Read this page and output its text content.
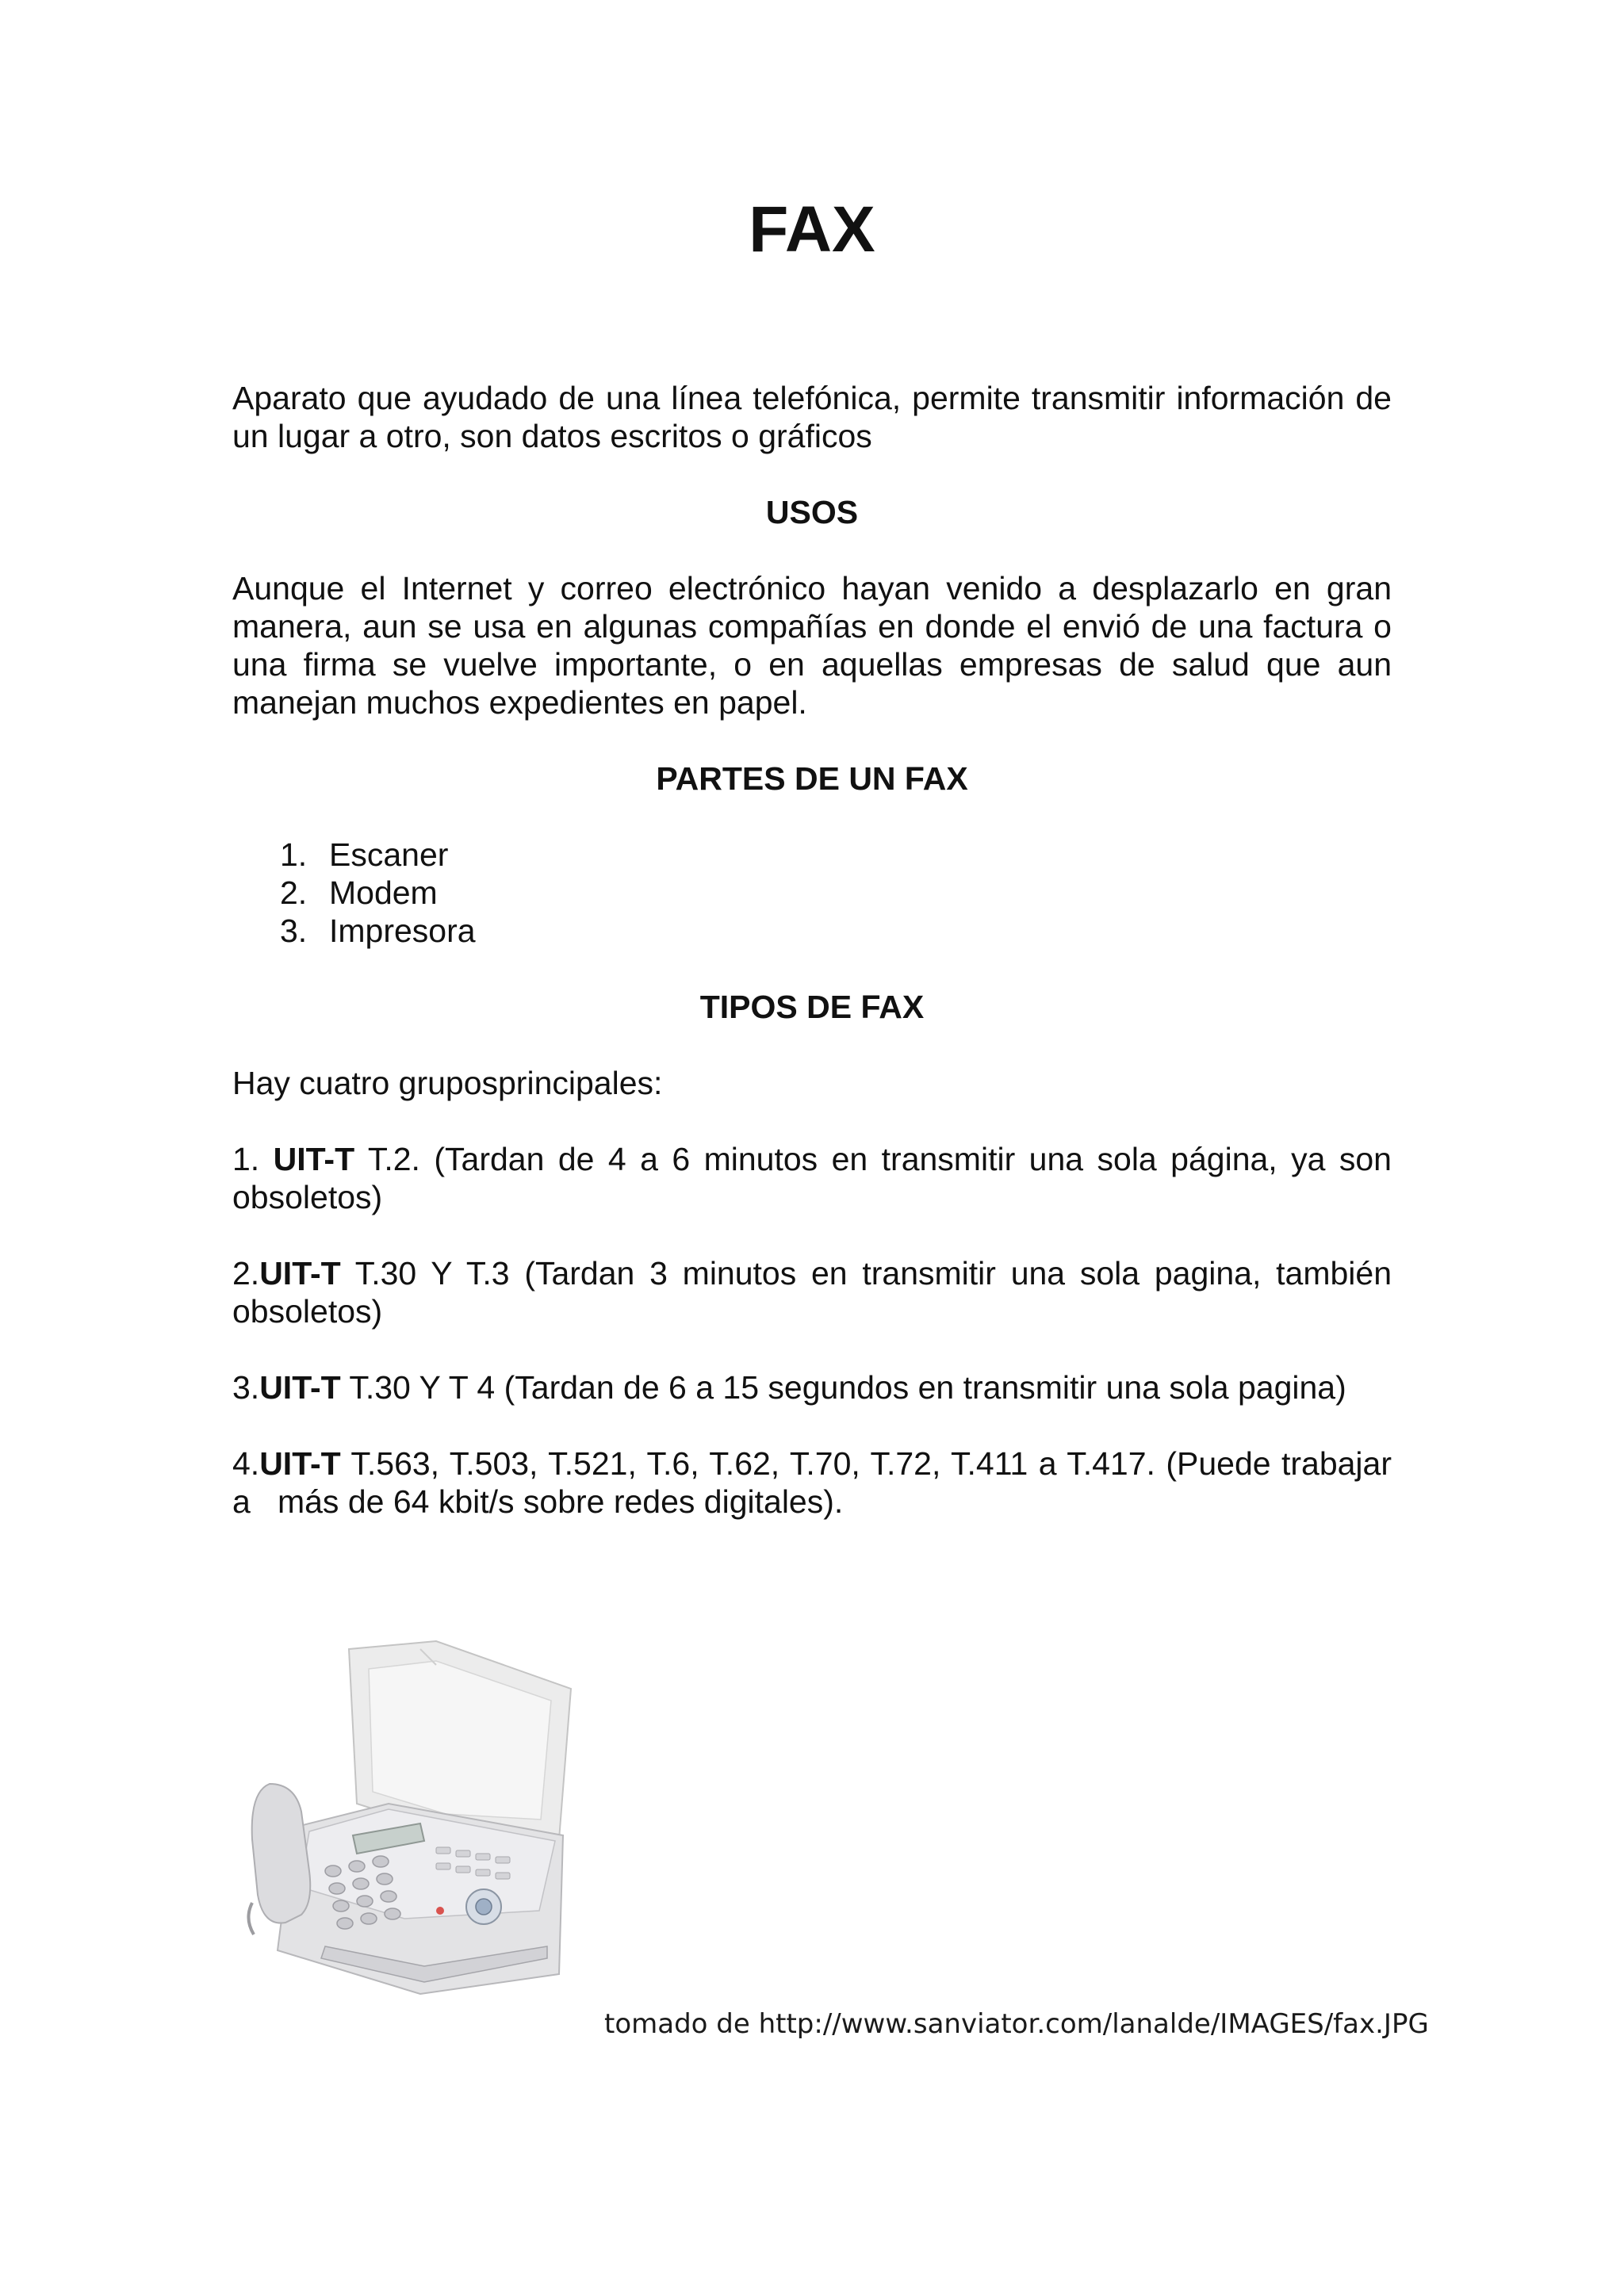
FAX

Aparato que ayudado de una línea telefónica, permite transmitir información de un lugar a otro, son datos escritos o gráficos

USOS

Aunque el Internet y correo electrónico hayan venido a desplazarlo en gran manera, aun se usa en algunas compañías en donde el envió de una factura o una firma se vuelve importante, o en aquellas empresas de salud que aun manejan muchos expedientes en papel.

PARTES DE UN FAX

1. Escaner
2. Modem
3. Impresora

TIPOS DE FAX

Hay cuatro gruposprincipales:

1. UIT-T T.2. (Tardan de 4 a 6 minutos en transmitir una sola página, ya son obsoletos)

2.UIT-T T.30 Y T.3 (Tardan 3 minutos en transmitir una sola pagina, también obsoletos)

3.UIT-T T.30 Y T 4 (Tardan de 6 a 15 segundos en transmitir una sola pagina)

4.UIT-T T.563, T.503, T.521, T.6, T.62, T.70, T.72, T.411 a T.417. (Puede trabajar a   más de 64 kbit/s sobre redes digitales).

tomado de http://www.sanviator.com/lanalde/IMAGES/fax.JPG
